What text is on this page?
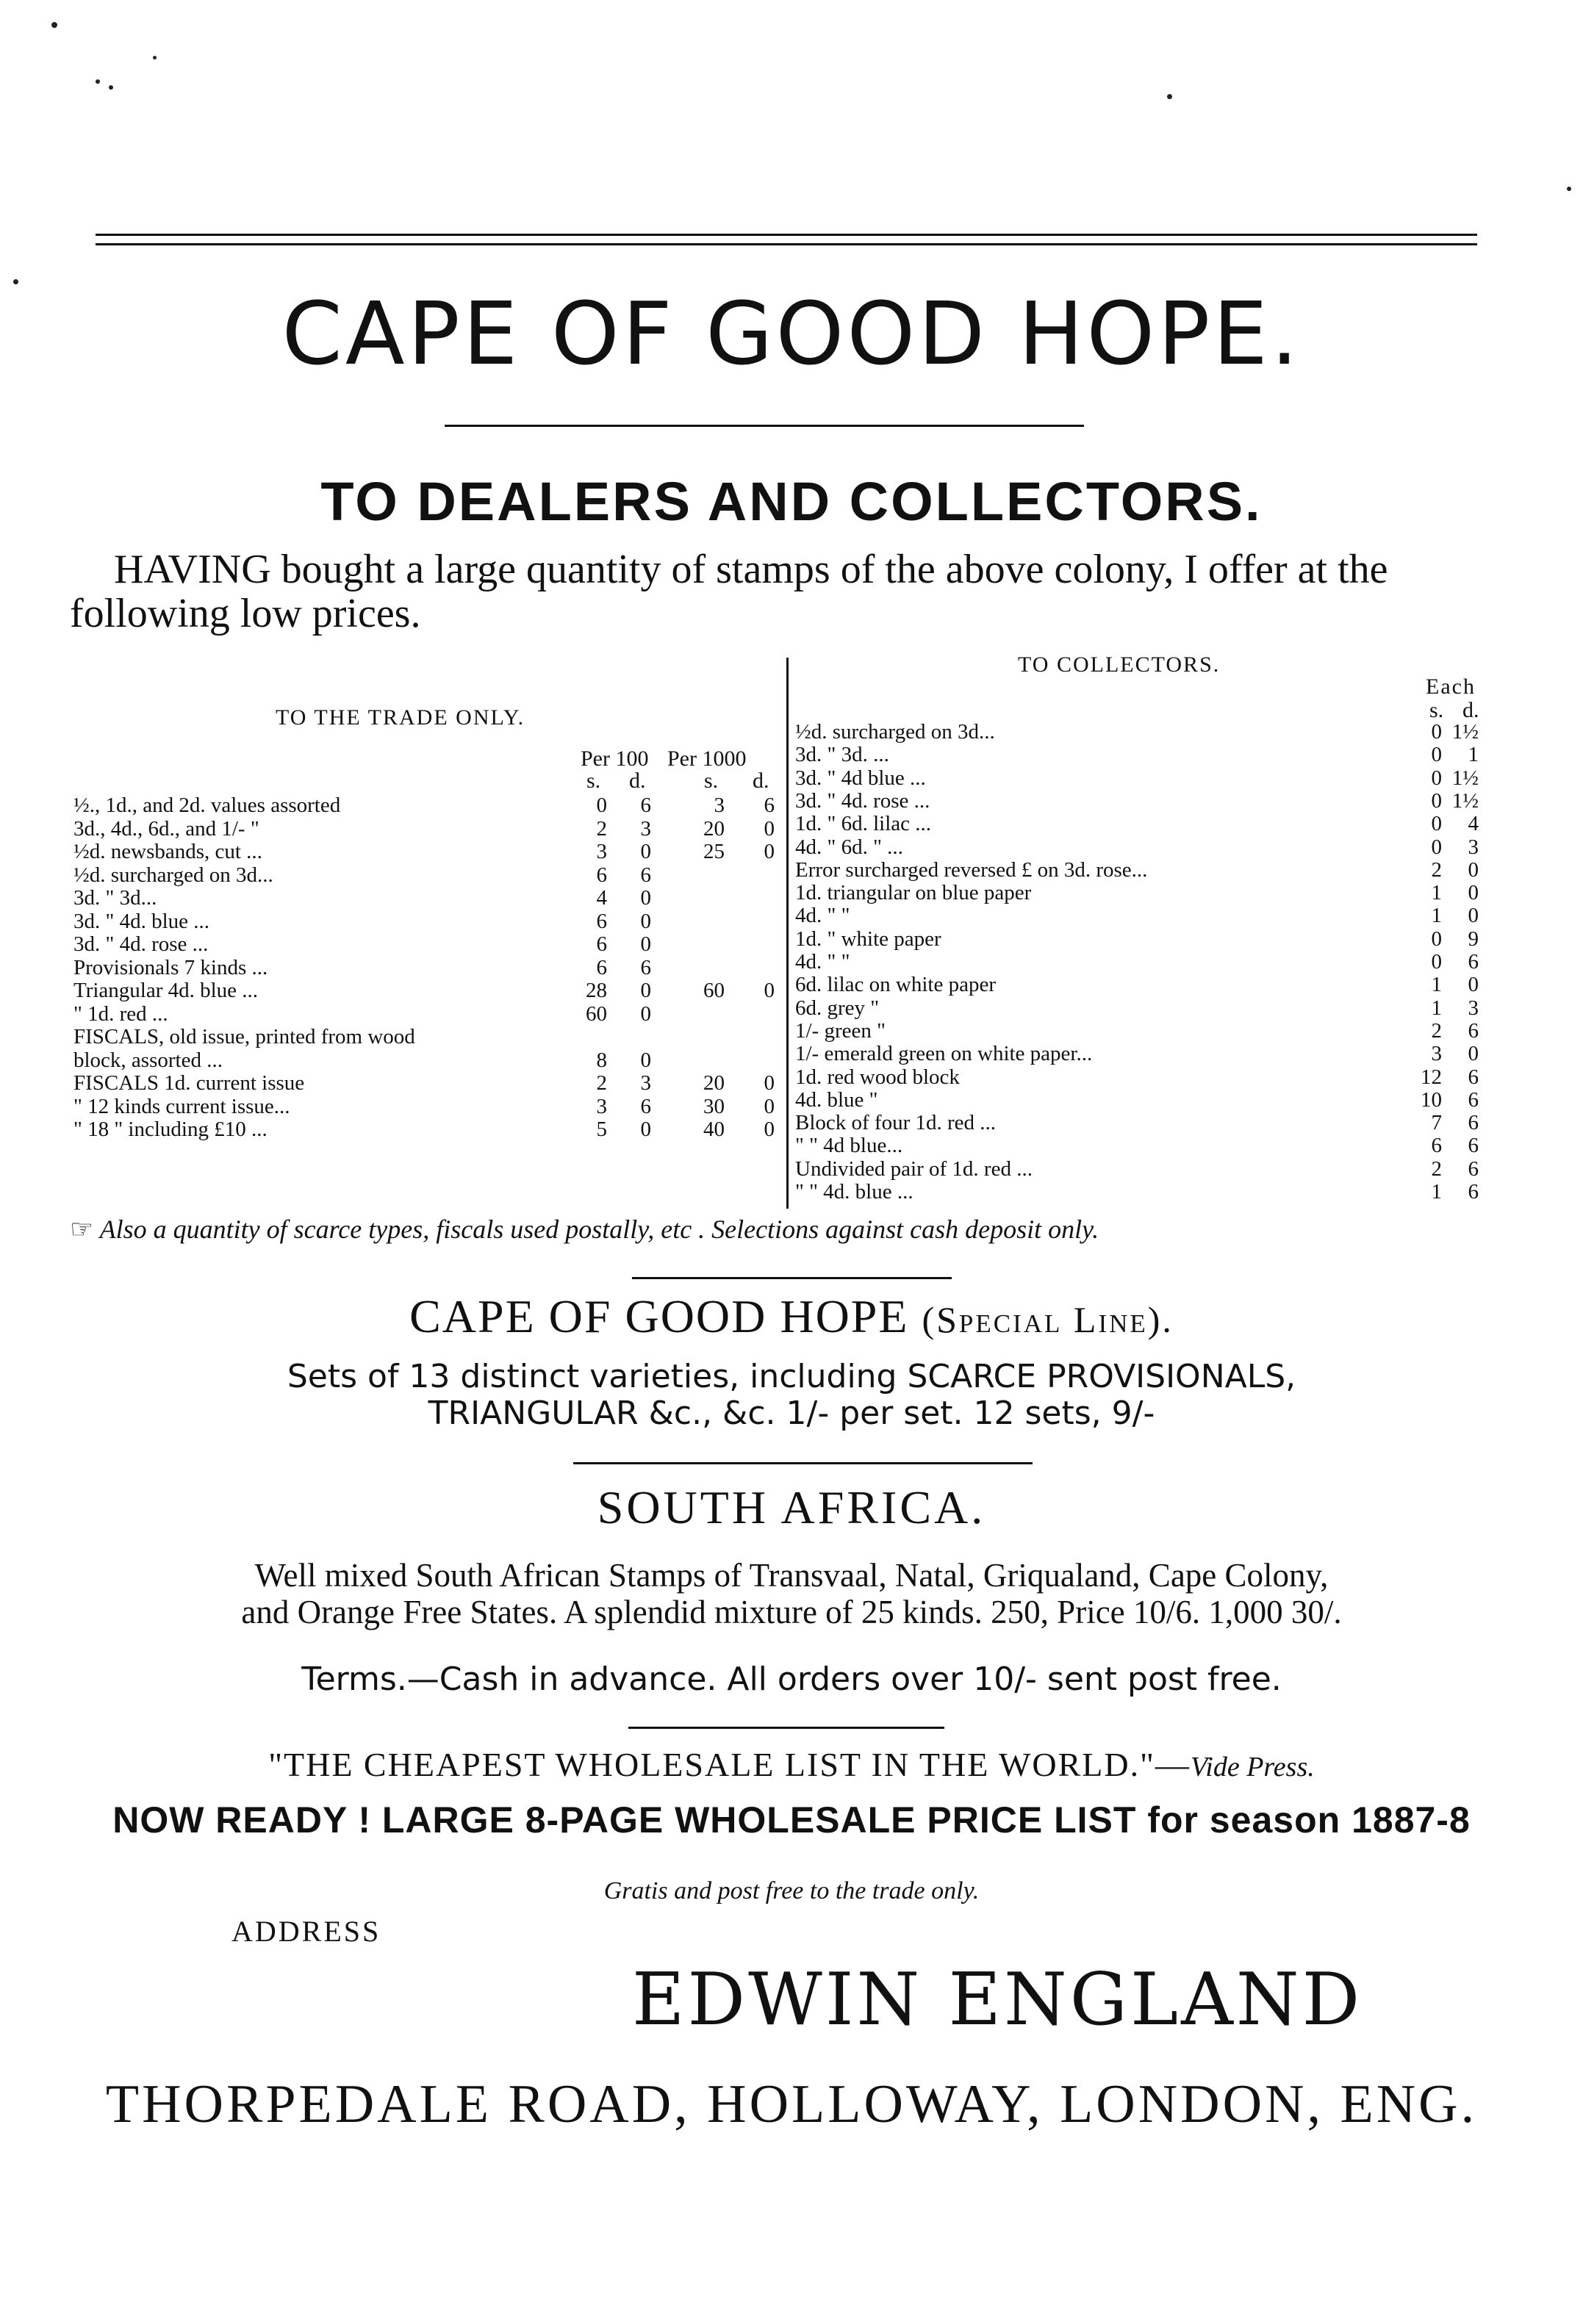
CAPE OF GOOD HOPE.
TO DEALERS AND COLLECTORS.
HAVING bought a large quantity of stamps of the above colony, I offer at the following low prices.
TO THE TRADE ONLY.
TO COLLECTORS.
Each
Per 100 Per 1000
s. d.	s. d.
s. d.
½., 1d., and 2d. values assorted	0	6	3	6
3d., 4d., 6d., and 1/- "	2	3 20	0
½d. newsbands, cut ...	3	0 25	0
½d. surcharged on 3d...	6	6
3d. " 3d...	4	0
3d. " 4d. blue ...	6	0
3d. " 4d. rose ...	6	0
Provisionals 7 kinds ...	6	6
Triangular 4d. blue ...	28	0 60	0
" 1d. red ...	60	0
FISCALS, old issue, printed from wood
block, assorted ...	8	0
FISCALS 1d. current issue	2	3 20	0
" 12 kinds current issue...	3	6 30	0
" 18 " including £10 ...	5	0 40	0
½d. surcharged on 3d...	0 1½
3d. " 3d. ...	0	1
3d. " 4d blue ...	0 1½
3d. " 4d. rose ...	0 1½
1d. " 6d. lilac ...	0	4
4d. " 6d. " ...	0	3
Error surcharged reversed £ on 3d. rose...	2	0
1d. triangular on blue paper	1	0
4d. " "	1	0
1d. " white paper	0	9
4d. " "	0	6
6d. lilac on white paper	1	0
6d. grey "	1	3
1/- green "	2	6
1/- emerald green on white paper...	3	0
1d. red wood block	12	6
4d. blue "	10	6
Block of four 1d. red ...	7	6
" " 4d blue...	6	6
Undivided pair of 1d. red ...	2	6
" " 4d. blue ...	1	6
☞ Also a quantity of scarce types, fiscals used postally, etc . Selections against cash deposit only.
CAPE OF GOOD HOPE (Special Line).
Sets of 13 distinct varieties, including SCARCE PROVISIONALS,
TRIANGULAR &c., &c. 1/- per set. 12 sets, 9/-
SOUTH AFRICA.
Well mixed South African Stamps of Transvaal, Natal, Griqualand, Cape Colony,
and Orange Free States. A splendid mixture of 25 kinds. 250, Price 10/6. 1,000 30/.
Terms.—Cash in advance. All orders over 10/- sent post free.
"THE CHEAPEST WHOLESALE LIST IN THE WORLD."—Vide Press.
NOW READY ! LARGE 8-PAGE WHOLESALE PRICE LIST for season 1887-8
Gratis and post free to the trade only.
ADDRESS
EDWIN ENGLAND
THORPEDALE ROAD, HOLLOWAY, LONDON, ENG.
